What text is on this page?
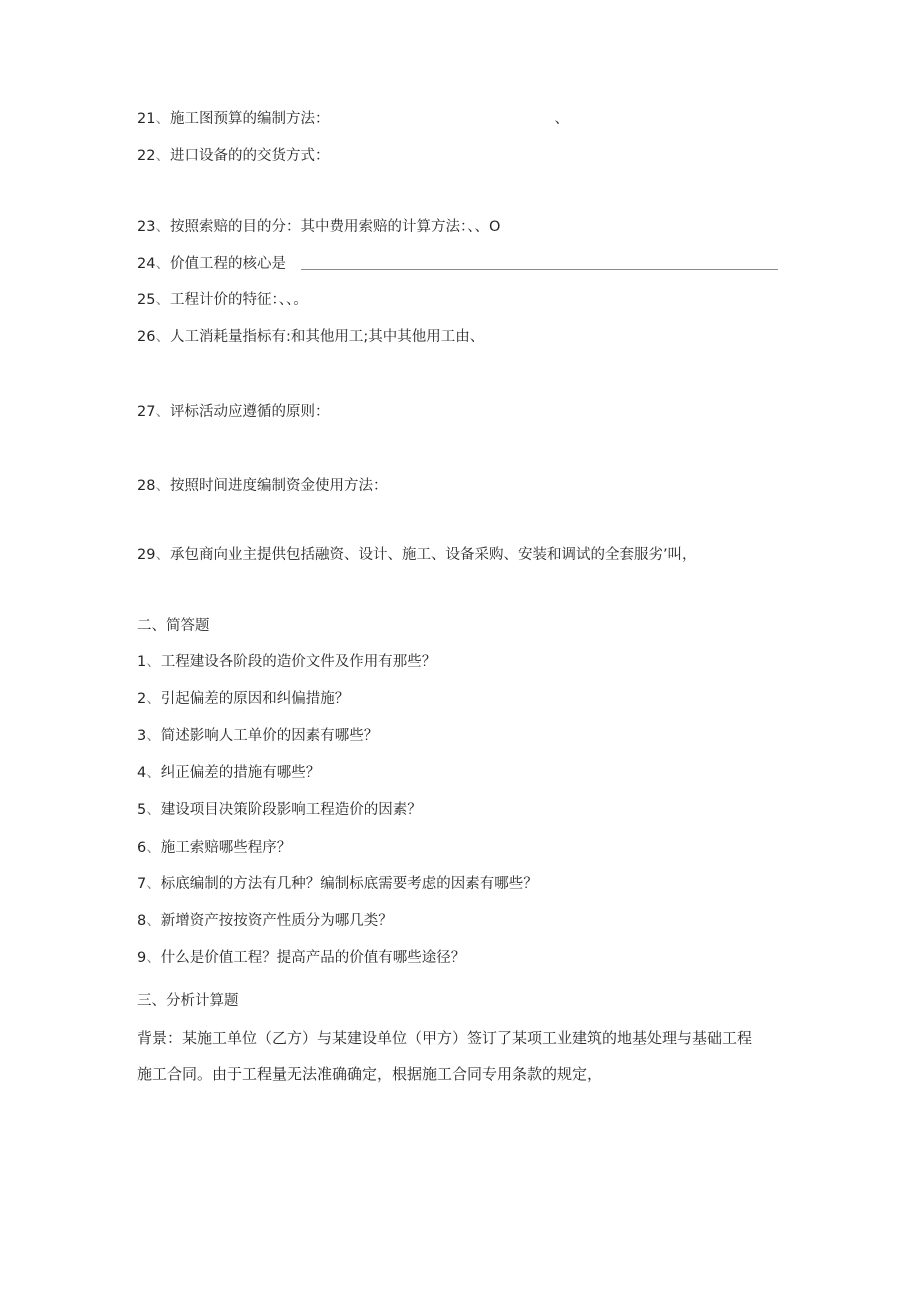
21、施工图预算的编制方法：	、
22、进口设备的的交货方式：
23、按照索赔的目的分：其中费用索赔的计算方法：、、O
24、价值工程的核心是
25、工程计价的特征：、、。
26、人工消耗量指标有:和其他用工;其中其他用工由、
27、评标活动应遵循的原则：
28、按照时间进度编制资金使用方法：
29、承包商向业主提供包括融资、设计、施工、设备采购、安装和调试的全套服劣’叫，
二、简答题
1、工程建设各阶段的造价文件及作用有那些？
2、引起偏差的原因和纠偏措施？
3、简述影响人工单价的因素有哪些？
4、纠正偏差的措施有哪些？
5、建设项目决策阶段影响工程造价的因素？
6、施工索赔哪些程序？
7、标底编制的方法有几种？编制标底需要考虑的因素有哪些？
8、新增资产按按资产性质分为哪几类？
9、什么是价值工程？提高产品的价值有哪些途径？
三、分析计算题
背景：某施工单位（乙方）与某建设单位（甲方）签订了某项工业建筑的地基处理与基础工程
施工合同。由于工程量无法准确确定，根据施工合同专用条款的规定，
